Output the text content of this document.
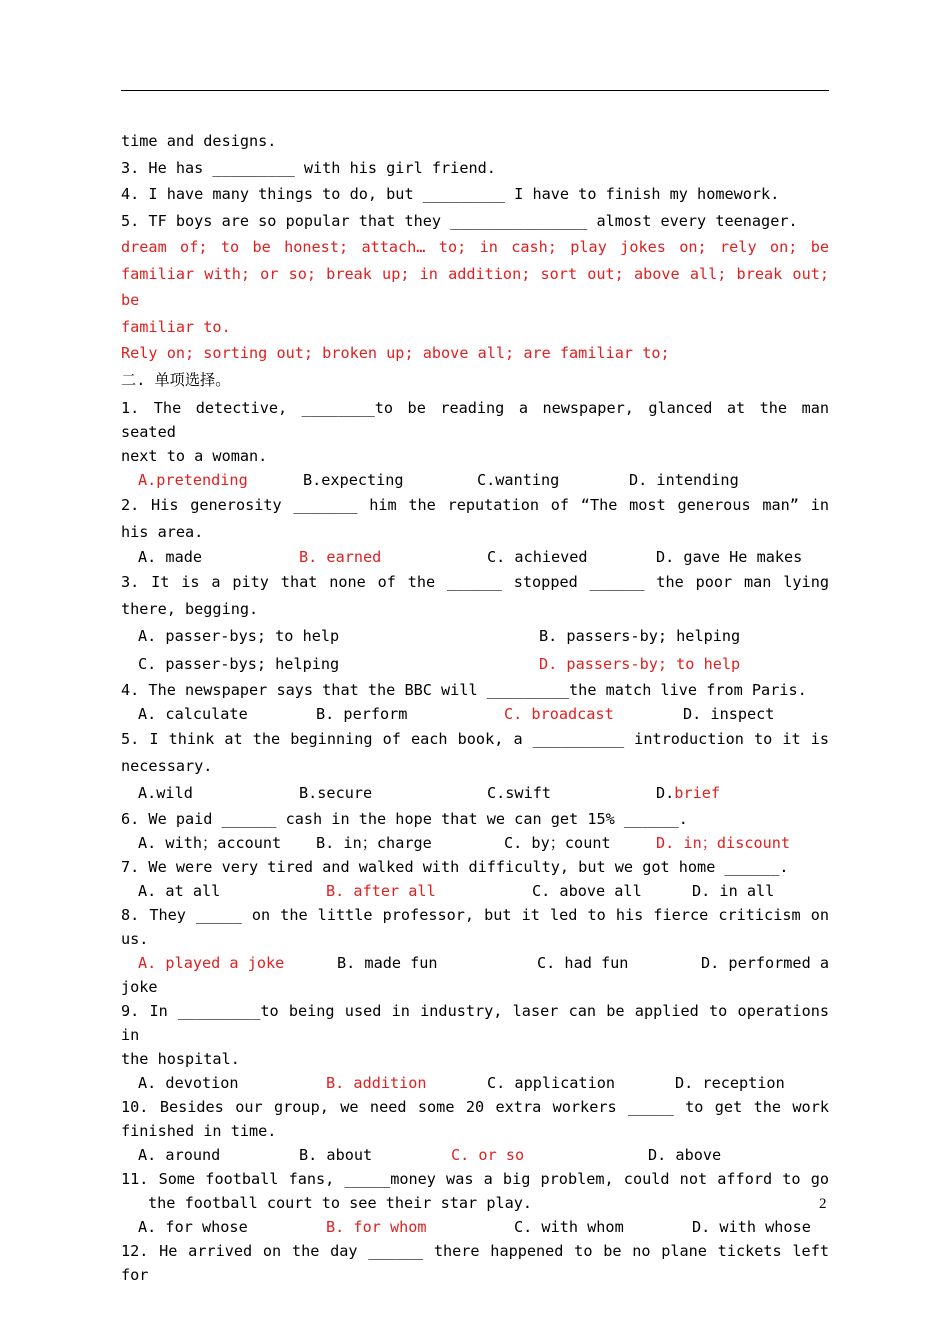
time and designs.
3. He has _________ with his girl friend.
4. I have many things to do, but _________ I have to finish my homework.
5. TF boys are so popular that they _______________ almost every teenager.
dream of; to be honest; attach… to; in cash; play jokes on; rely on; be
familiar with; or so; break up; in addition; sort out; above all; break out; be
familiar to.
Rely on; sorting out; broken up; above all; are familiar to;
二. 单项选择。
1. The detective, ________to be reading a newspaper, glanced at the man seated
next to a woman.
A.pretending	B.expecting	C.wanting	D. intending
2. His generosity _______ him the reputation of “The most generous man” in
his area.
A. made	B. earned	C. achieved	D. gave He makes
3. It is a pity that none of the ______ stopped ______ the poor man lying
there, begging.
A. passer-bys; to help	B. passers-by; helping
C. passer-bys; helping	D. passers-by; to help
4. The newspaper says that the BBC will _________the match live from Paris.
A. calculate	B. perform	C. broadcast	D. inspect
5. I think at the beginning of each book, a __________ introduction to it is
necessary.
A.wild	B.secure	C.swift	D.brief
6. We paid ______ cash in the hope that we can get 15% ______.
A. with；account	B. in；charge	C. by；count	D. in；discount
7. We were very tired and walked with difficulty, but we got home ______.
A. at all	B. after all	C. above all	D. in all
8. They _____ on the little professor, but it led to his fierce criticism on
us.
A. played a joke	B. made fun	C. had fun	D. performed a
joke
9. In _________to being used in industry, laser can be applied to operations in
the hospital.
A. devotion	B. addition	C. application	D. reception
10. Besides our group, we need some 20 extra workers _____ to get the work
finished in time.
A. around	B. about	C. or so	D. above
11. Some football fans, _____money was a big problem, could not afford to go
the football court to see their star play.
A. for whose	B. for whom	C. with whom	D. with whose
12. He arrived on the day ______ there happened to be no plane tickets left for
2
